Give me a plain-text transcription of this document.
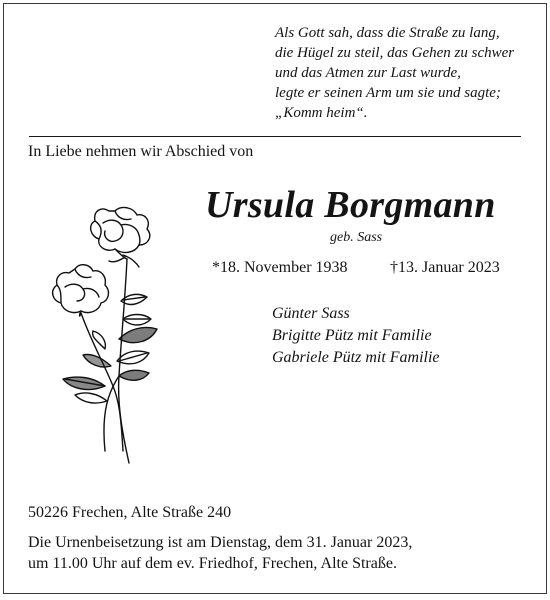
Als Gott sah, dass die Straße zu lang,
die Hügel zu steil, das Gehen zu schwer
und das Atmen zur Last wurde,
legte er seinen Arm um sie und sagte;
„Komm heim“.
In Liebe nehmen wir Abschied von
Ursula Borgmann
geb. Sass
*18. November 1938	†13. Januar 2023
Günter Sass
Brigitte Pütz mit Familie
Gabriele Pütz mit Familie
50226 Frechen, Alte Straße 240
Die Urnenbeisetzung ist am Dienstag, dem 31. Januar 2023,
um 11.00 Uhr auf dem ev. Friedhof, Frechen, Alte Straße.
